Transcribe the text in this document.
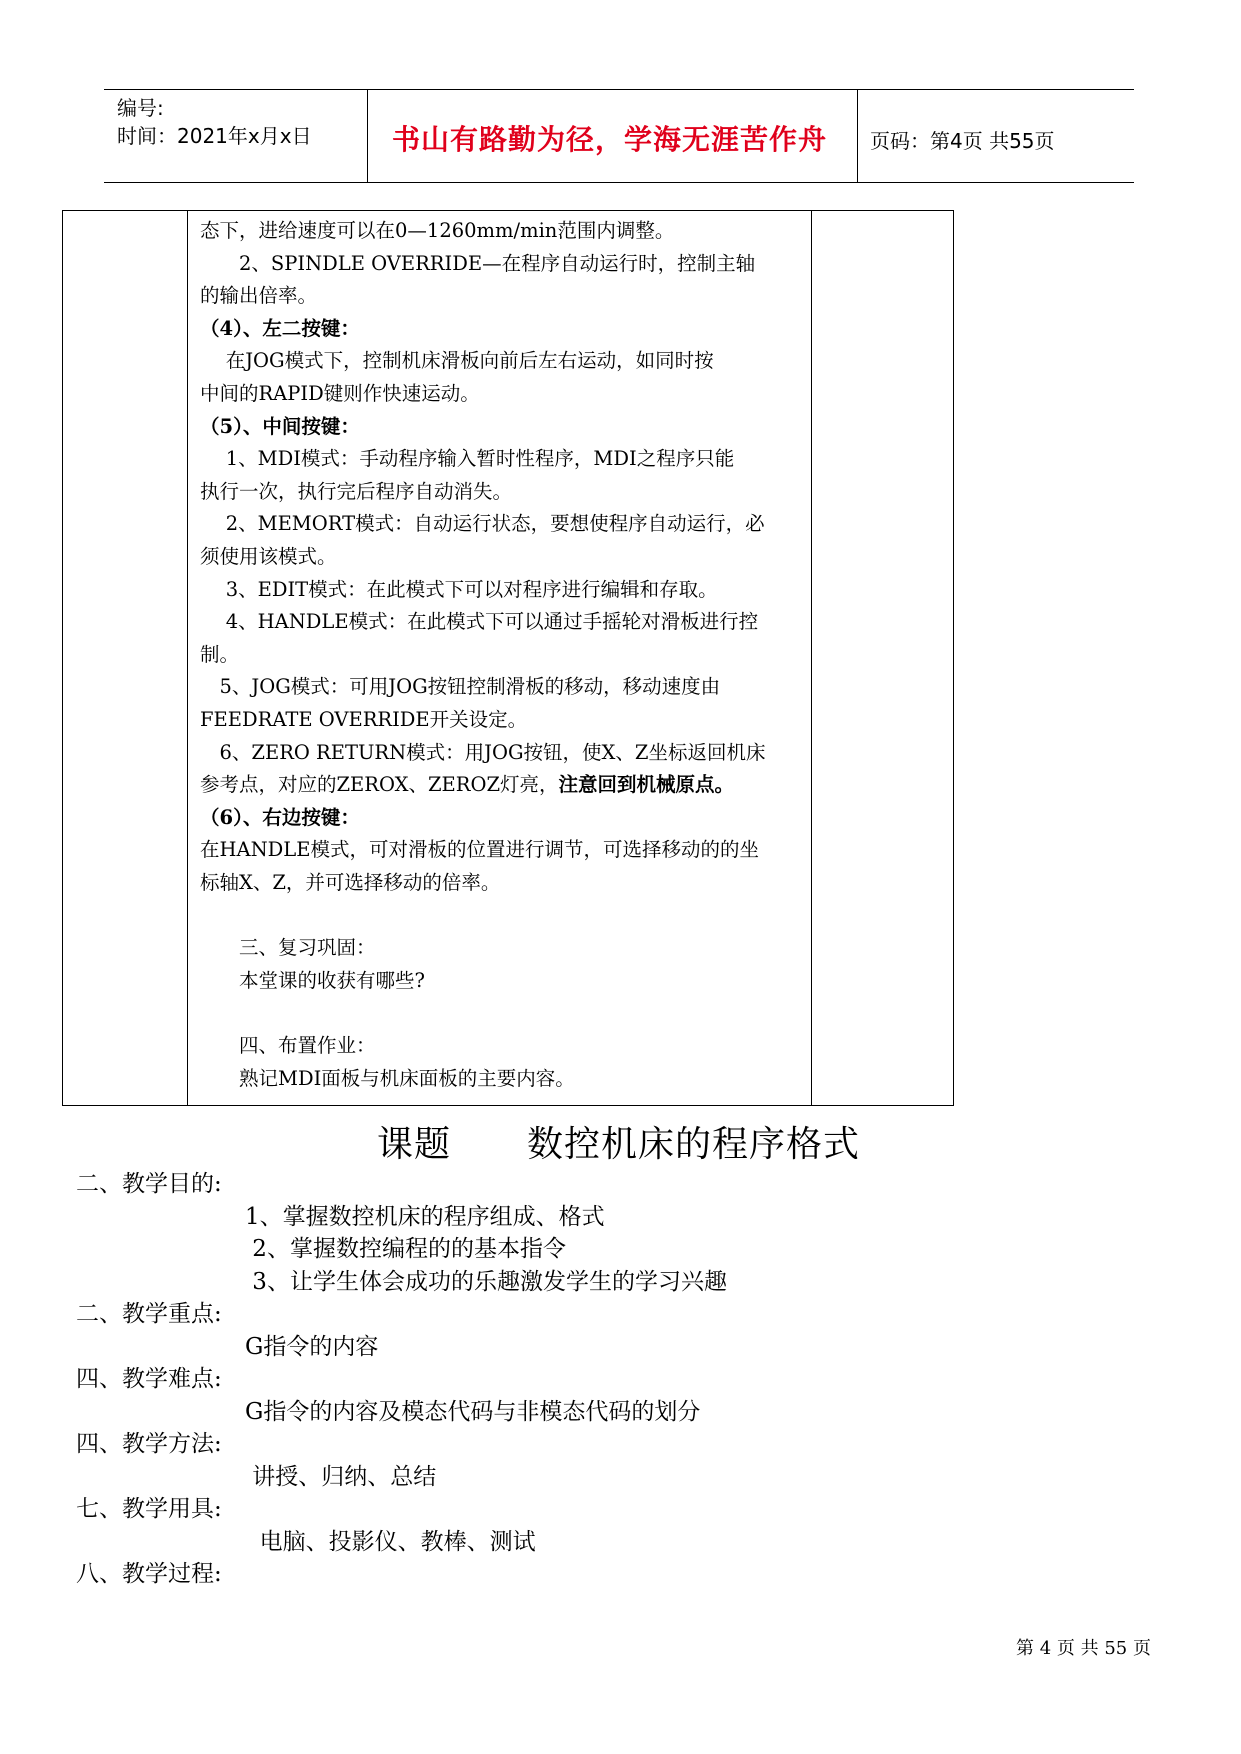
编号:
时间：2021年x月x日	书山有路勤为径，学海无涯苦作舟 页码：第4页 共55页
态下，进给速度可以在0—1260mm/min范围内调整。
　　2、SPINDLE OVERRIDE—在程序自动运行时，控制主轴
的输出倍率。
（4）、左二按键：
　 在JOG模式下，控制机床滑板向前后左右运动，如同时按
中间的RAPID键则作快速运动。
（5）、中间按键：
　 1、MDI模式：手动程序输入暂时性程序，MDI之程序只能
执行一次，执行完后程序自动消失。
　 2、MEMORT模式：自动运行状态，要想使程序自动运行，必
须使用该模式。
　 3、EDIT模式：在此模式下可以对程序进行编辑和存取。
　 4、HANDLE模式：在此模式下可以通过手摇轮对滑板进行控
制。
　5、JOG模式：可用JOG按钮控制滑板的移动，移动速度由
FEEDRATE OVERRIDE开关设定。
　6、ZERO RETURN模式：用JOG按钮，使X、Z坐标返回机床
参考点，对应的ZEROX、ZEROZ灯亮，注意回到机械原点。
（6）、右边按键：
在HANDLE模式，可对滑板的位置进行调节，可选择移动的的坐
标轴X、Z，并可选择移动的倍率。
　　三、复习巩固：
　　本堂课的收获有哪些?
　　四、布置作业：
　　熟记MDI面板与机床面板的主要内容。
课题 数控机床的程序格式
二、教学目的:
1、掌握数控机床的程序组成、格式
2、掌握数控编程的的基本指令
3、让学生体会成功的乐趣激发学生的学习兴趣
二、教学重点:
G指令的内容
四、教学难点:
G指令的内容及模态代码与非模态代码的划分
四、教学方法:
讲授、归纳、总结
七、教学用具:
电脑、投影仪、教棒、测试
八、教学过程:
第 4 页 共 55 页
